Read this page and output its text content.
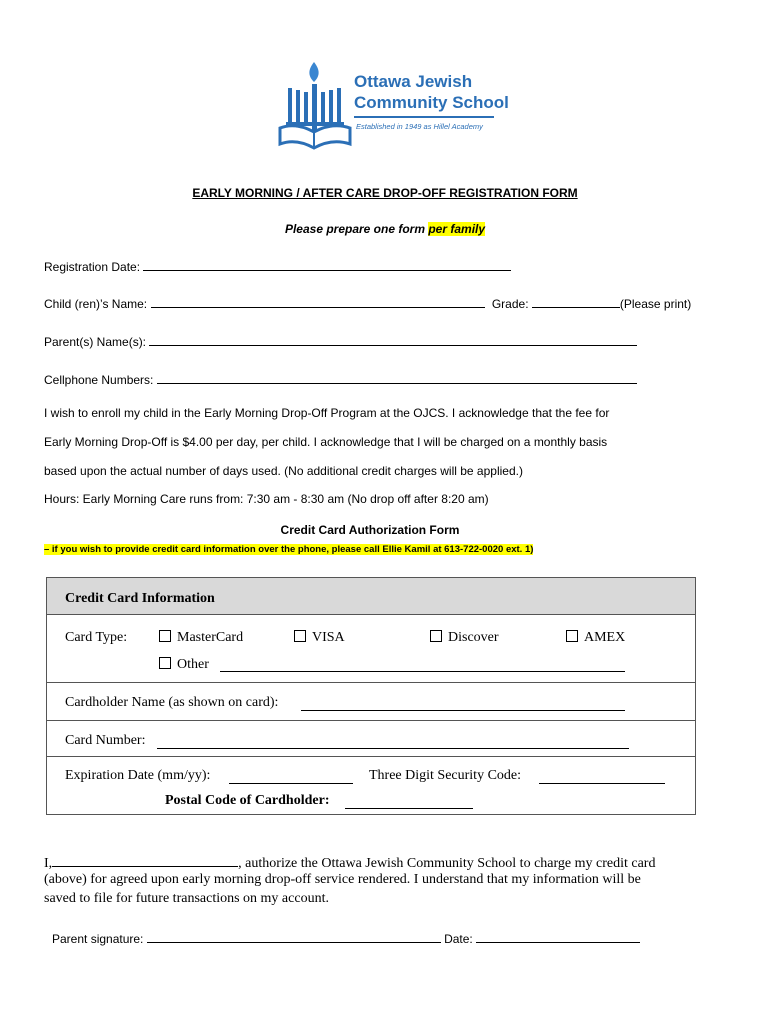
Ottawa Jewish
Community School
Established in 1949 as Hillel Academy
EARLY MORNING / AFTER CARE DROP-OFF REGISTRATION FORM
Please prepare one form per family
Registration Date:
Child (ren)’s Name:	Grade:	(Please print)
Parent(s) Name(s):
Cellphone Numbers:
I wish to enroll my child in the Early Morning Drop-Off Program at the OJCS. I acknowledge that the fee for
Early Morning Drop-Off is $4.00 per day, per child. I acknowledge that I will be charged on a monthly basis
based upon the actual number of days used. (No additional credit charges will be applied.)
Hours: Early Morning Care runs from: 7:30 am - 8:30 am (No drop off after 8:20 am)
Credit Card Authorization Form
– if you wish to provide credit card information over the phone, please call Ellie Kamil at 613-722-0020 ext. 1)
Credit Card Information
Card Type:	MasterCard	VISA	Discover	AMEX
Other
Cardholder Name (as shown on card):
Card Number:
Expiration Date (mm/yy):	Three Digit Security Code:
Postal Code of Cardholder:
I,	, authorize the Ottawa Jewish Community School to charge my credit card
(above) for agreed upon early morning drop-off service rendered. I understand that my information will be
saved to file for future transactions on my account.
Parent signature:	Date:
